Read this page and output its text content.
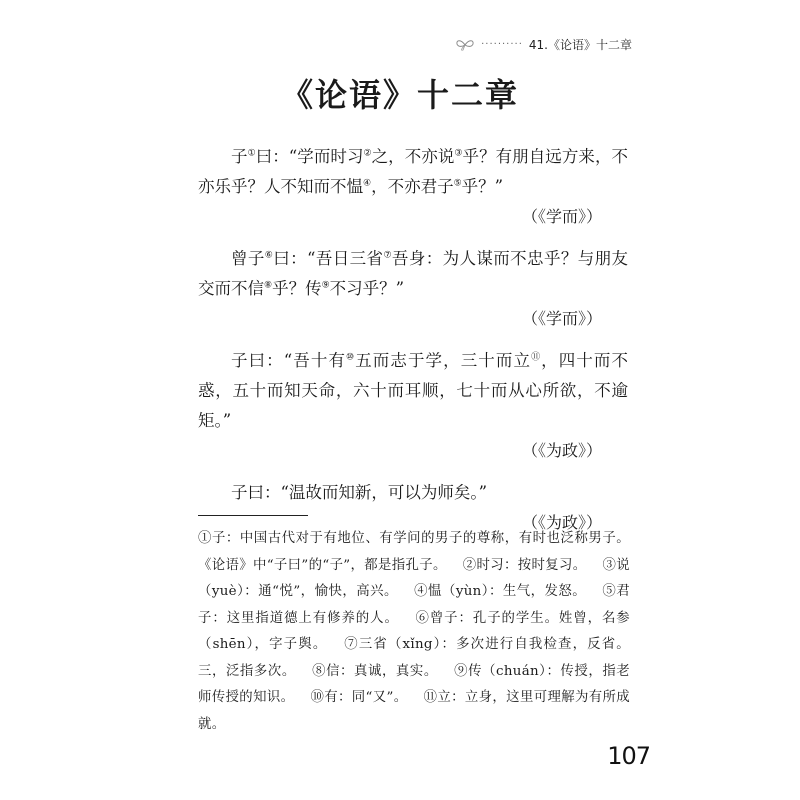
·········· 41.《论语》十二章
《论语》十二章

子①曰：“学而时习②之，不亦说③乎？有朋自远方来，不亦乐乎？人不知而不愠④，不亦君子⑤乎？”

（《学而》）

曾子⑥曰：“吾日三省⑦吾身：为人谋而不忠乎？与朋友交而不信⑧乎？传⑨不习乎？”

（《学而》）

子曰：“吾十有⑩五而志于学，三十而立⑪，四十而不惑，五十而知天命，六十而耳顺，七十而从心所欲，不逾矩。”

（《为政》）

子曰：“温故而知新，可以为师矣。”

（《为政》）
①子：中国古代对于有地位、有学问的男子的尊称，有时也泛称男子。《论语》中“子曰”的“子”，都是指孔子。 ②时习：按时复习。 ③说（yuè）：通“悦”，愉快，高兴。 ④愠（yùn）：生气，发怒。 ⑤君子：这里指道德上有修养的人。 ⑥曾子：孔子的学生。姓曾，名参（shēn），字子舆。 ⑦三省（xǐng）：多次进行自我检查，反省。三，泛指多次。 ⑧信：真诚，真实。 ⑨传（chuán）：传授，指老师传授的知识。 ⑩有：同“又”。 ⑪立：立身，这里可理解为有所成就。
107
